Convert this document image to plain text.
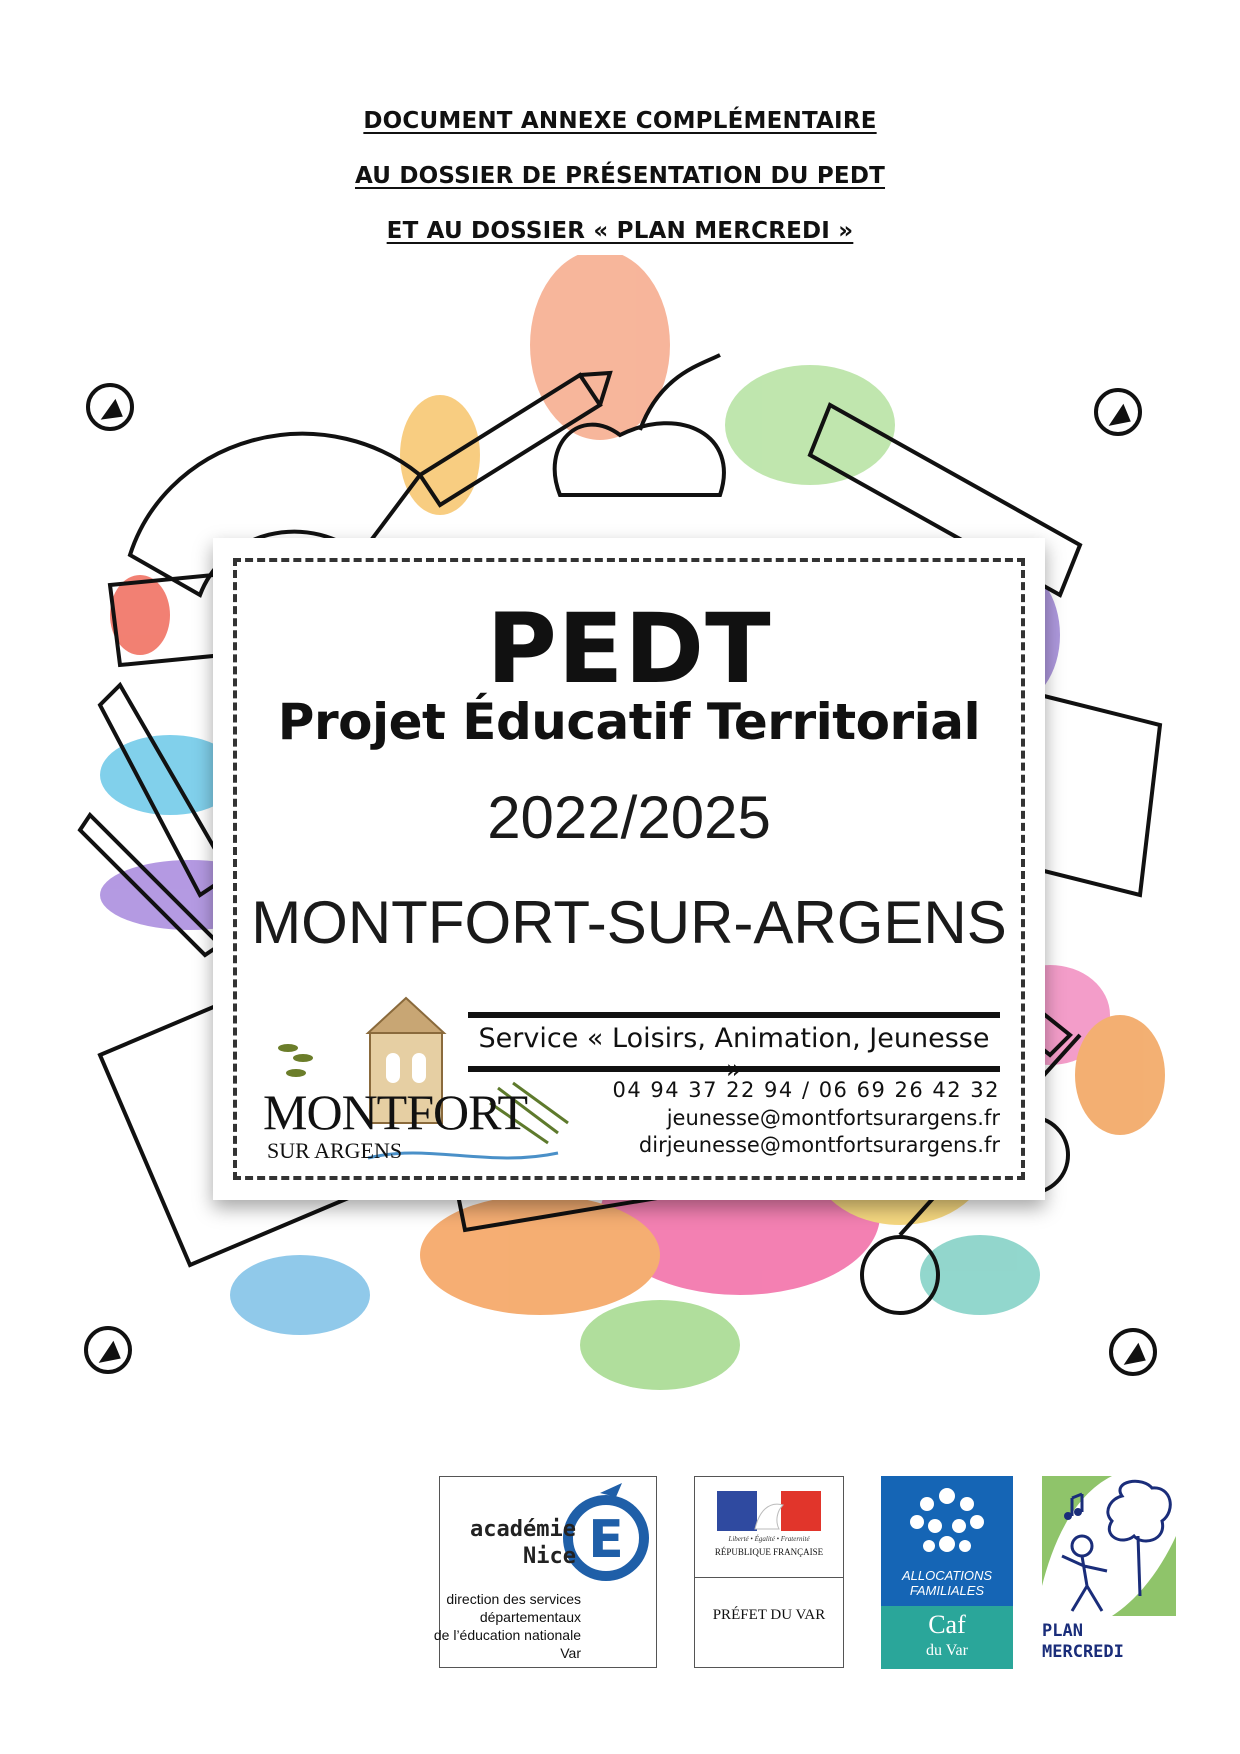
DOCUMENT ANNEXE COMPLÉMENTAIRE
AU DOSSIER DE PRÉSENTATION DU PEDT
ET AU DOSSIER « PLAN MERCREDI »
PEDT
Projet Éducatif Territorial
2022/2025
MONTFORT-SUR-ARGENS
MONTFORT
SUR ARGENS
Service « Loisirs, Animation, Jeunesse
04 94 37 22 94 / 06 69 26 42 32
jeunesse@montfortsurargens.fr
dirjeunesse@montfortsurargens.fr
E
académie
Nice
direction des services
départementaux
de l’éducation nationale
Var
Liberté • Égalité • Fraternité
RÉPUBLIQUE FRANÇAISE
PRÉFET DU VAR
ALLOCATIONS
FAMILIALES
Caf
du Var
PLAN
MERCREDI
